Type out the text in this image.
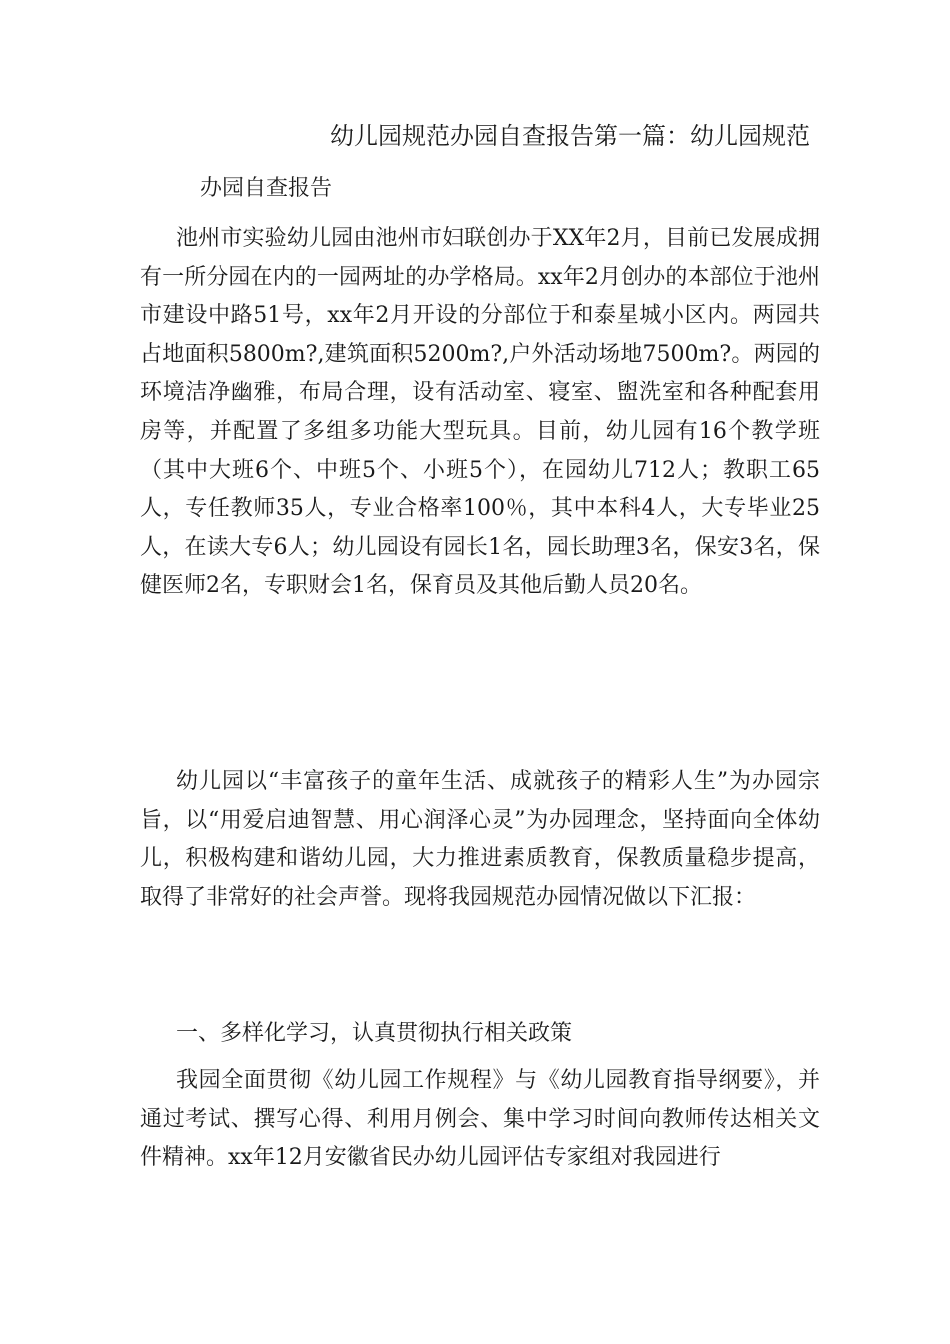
幼儿园规范办园自查报告第一篇：幼儿园规范
办园自查报告
池州市实验幼儿园由池州市妇联创办于XX年2月，目前已发展成拥有一所分园在内的一园两址的办学格局。xx年2月创办的本部位于池州市建设中路51号，xx年2月开设的分部位于和泰星城小区内。两园共占地面积5800m?,建筑面积5200m?,户外活动场地7500m?。两园的环境洁净幽雅，布局合理，设有活动室、寝室、盥洗室和各种配套用房等，并配置了多组多功能大型玩具。目前，幼儿园有16个教学班（其中大班6个、中班5个、小班5个），在园幼儿712人；教职工65人，专任教师35人，专业合格率100％，其中本科4人，大专毕业25人，在读大专6人；幼儿园设有园长1名，园长助理3名，保安3名，保健医师2名，专职财会1名，保育员及其他后勤人员20名。
幼儿园以“丰富孩子的童年生活、成就孩子的精彩人生”为办园宗旨，以“用爱启迪智慧、用心润泽心灵”为办园理念，坚持面向全体幼儿，积极构建和谐幼儿园，大力推进素质教育，保教质量稳步提高，取得了非常好的社会声誉。现将我园规范办园情况做以下汇报：
一、多样化学习，认真贯彻执行相关政策
我园全面贯彻《幼儿园工作规程》与《幼儿园教育指导纲要》，并通过考试、撰写心得、利用月例会、集中学习时间向教师传达相关文件精神。xx年12月安徽省民办幼儿园评估专家组对我园进行
